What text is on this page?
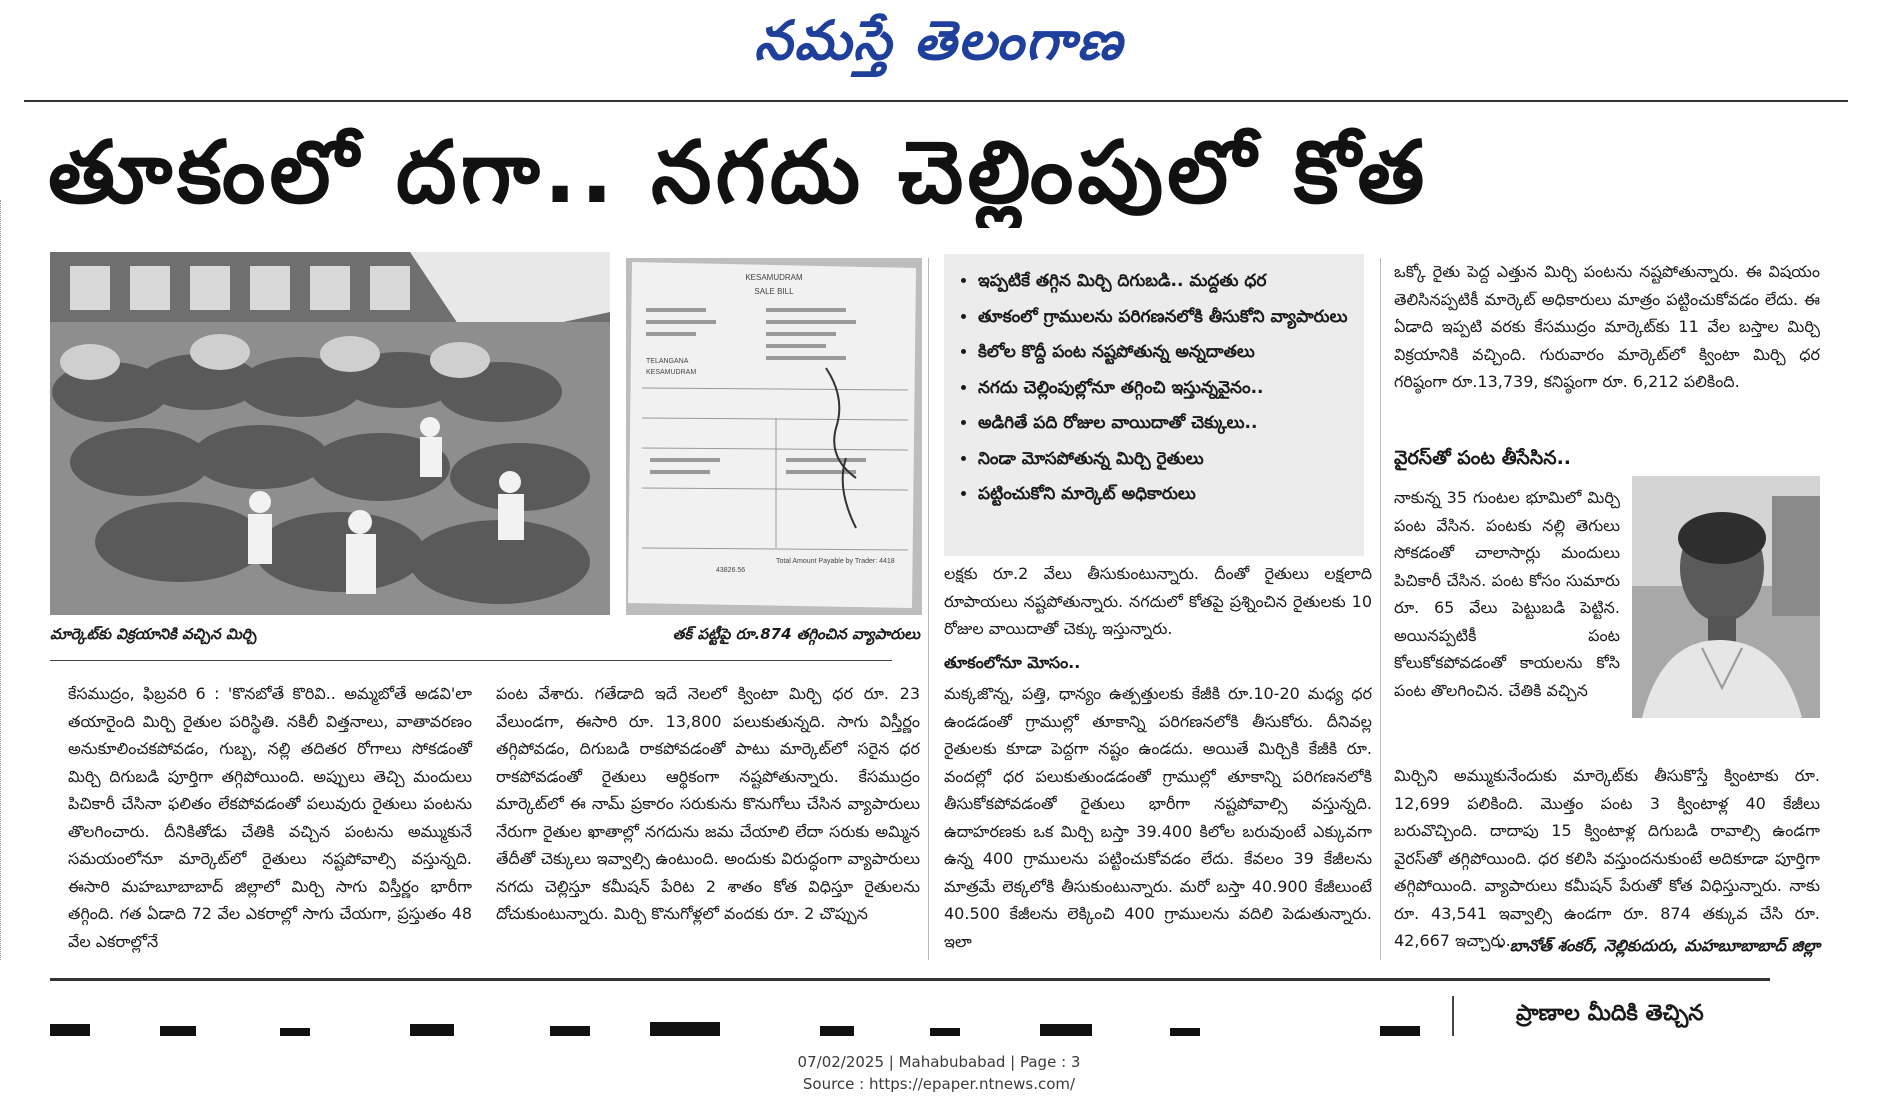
నమస్తే తెలంగాణ
తూకంలో దగా.. నగదు చెల్లింపులో కోత
KESAMUDRAM
SALE BILL
TELANGANA
KESAMUDRAM
43826.56
Total Amount Payable by Trader: 4418
మార్కెట్‌కు విక్రయానికి వచ్చిన మిర్చి	తక్ పట్టీపై రూ.874 తగ్గించిన వ్యాపారులు
• ఇప్పటికే తగ్గిన మిర్చి దిగుబడి.. మద్దతు ధర
• తూకంలో గ్రాములను పరిగణనలోకి తీసుకోని వ్యాపారులు
• కిలోల కొద్దీ పంట నష్టపోతున్న అన్నదాతలు
• నగదు చెల్లింపుల్లోనూ తగ్గించి ఇస్తున్నవైనం..
• అడిగితే పది రోజుల వాయిదాతో చెక్కులు..
• నిండా మోసపోతున్న మిర్చి రైతులు
• పట్టించుకోని మార్కెట్ అధికారులు

కేసముద్రం, ఫిబ్రవరి 6 : 'కొనబోతే కొరివి.. అమ్మబోతే అడవి'లా తయారైంది మిర్చి రైతుల పరిస్థితి. నకిలీ విత్తనాలు, వాతావరణం అనుకూలించకపోవడం, గుబ్బ, నల్లి తదితర రోగాలు సోకడంతో మిర్చి దిగుబడి పూర్తిగా తగ్గిపోయింది. అప్పులు తెచ్చి మందులు పిచికారీ చేసినా ఫలితం లేకపోవడంతో పలువురు రైతులు పంటను తొలగించారు. దీనికితోడు చేతికి వచ్చిన పంటను అమ్ముకునే సమయంలోనూ మార్కెట్‌లో రైతులు నష్టపోవాల్సి వస్తున్నది. ఈసారి మహబూబాబాద్ జిల్లాలో మిర్చి సాగు విస్తీర్ణం భారీగా తగ్గింది. గత ఏడాది 72 వేల ఎకరాల్లో సాగు చేయగా, ప్రస్తుతం 48 వేల ఎకరాల్లోనే

పంట వేశారు. గతేడాది ఇదే నెలలో క్వింటా మిర్చి ధర రూ. 23 వేలుండగా, ఈసారి రూ. 13,800 పలుకుతున్నది. సాగు విస్తీర్ణం తగ్గిపోవడం, దిగుబడి రాకపోవడంతో పాటు మార్కెట్‌లో సరైన ధర రాకపోవడంతో రైతులు ఆర్థికంగా నష్టపోతున్నారు. కేసముద్రం మార్కెట్‌లో ఈ నామ్ ప్రకారం సరుకును కొనుగోలు చేసిన వ్యాపారులు నేరుగా రైతుల ఖాతాల్లో నగదును జమ చేయాలి లేదా సరుకు అమ్మిన తేదీతో చెక్కులు ఇవ్వాల్సి ఉంటుంది. అందుకు విరుద్ధంగా వ్యాపారులు నగదు చెల్లిస్తూ కమీషన్ పేరిట 2 శాతం కోత విధిస్తూ రైతులను దోచుకుంటున్నారు. మిర్చి కొనుగోళ్లలో వందకు రూ. 2 చొప్పున

లక్షకు రూ.2 వేలు తీసుకుంటున్నారు. దీంతో రైతులు లక్షలాది రూపాయలు నష్టపోతున్నారు. నగదులో కోతపై ప్రశ్నించిన రైతులకు 10 రోజుల వాయిదాతో చెక్కు ఇస్తున్నారు.

తూకంలోనూ మోసం..

మక్కజొన్న, పత్తి, ధాన్యం ఉత్పత్తులకు కేజీకి రూ.10-20 మధ్య ధర ఉండడంతో గ్రాముల్లో తూకాన్ని పరిగణనలోకి తీసుకోరు. దీనివల్ల రైతులకు కూడా పెద్దగా నష్టం ఉండదు. అయితే మిర్చికి కేజీకి రూ. వందల్లో ధర పలుకుతుండడంతో గ్రాముల్లో తూకాన్ని పరిగణనలోకి తీసుకోకపోవడంతో రైతులు భారీగా నష్టపోవాల్సి వస్తున్నది. ఉదాహరణకు ఒక మిర్చి బస్తా 39.400 కిలోల బరువుంటే ఎక్కువగా ఉన్న 400 గ్రాములను పట్టించుకోవడం లేదు. కేవలం 39 కేజీలను మాత్రమే లెక్కలోకి తీసుకుంటున్నారు. మరో బస్తా 40.900 కేజీలుంటే 40.500 కేజీలను లెక్కించి 400 గ్రాములను వదిలి పెడుతున్నారు. ఇలా

ఒక్కో రైతు పెద్ద ఎత్తున మిర్చి పంటను నష్టపోతున్నారు. ఈ విషయం తెలిసినప్పటికీ మార్కెట్ అధికారులు మాత్రం పట్టించుకోవడం లేదు. ఈ ఏడాది ఇప్పటి వరకు కేసముద్రం మార్కెట్‌కు 11 వేల బస్తాల మిర్చి విక్రయానికి వచ్చింది. గురువారం మార్కెట్‌లో క్వింటా మిర్చి ధర గరిష్ఠంగా రూ.13,739, కనిష్ఠంగా రూ. 6,212 పలికింది.

వైరస్‌తో పంట తీసేసిన..

నాకున్న 35 గుంటల భూమిలో మిర్చి పంట వేసిన. పంటకు నల్లి తెగులు సోకడంతో చాలాసార్లు మందులు పిచికారీ చేసిన. పంట కోసం సుమారు రూ. 65 వేలు పెట్టుబడి పెట్టిన. అయినప్పటికీ పంట కోలుకోకపోవడంతో కాయలను కోసి పంట తొలగించిన. చేతికి వచ్చిన

మిర్చిని అమ్ముకునేందుకు మార్కెట్‌కు తీసుకొస్తే క్వింటాకు రూ. 12,699 పలికింది. మొత్తం పంట 3 క్వింటాళ్ల 40 కేజీలు బరువొచ్చింది. దాదాపు 15 క్వింటాళ్ల దిగుబడి రావాల్సి ఉండగా వైరస్‌తో తగ్గిపోయింది. ధర కలిసి వస్తుందనుకుంటే అదికూడా పూర్తిగా తగ్గిపోయింది. వ్యాపారులు కమీషన్ పేరుతో కోత విధిస్తున్నారు. నాకు రూ. 43,541 ఇవ్వాల్సి ఉండగా రూ. 874 తక్కువ చేసి రూ. 42,667 ఇచ్చారు.

- బానోత్ శంకర్, నెల్లికుదురు, మహబూబాబాద్ జిల్లా
ప్రాణాల మీదికి తెచ్చిన
07/02/2025 | Mahabubabad | Page : 3
Source : https://epaper.ntnews.com/
